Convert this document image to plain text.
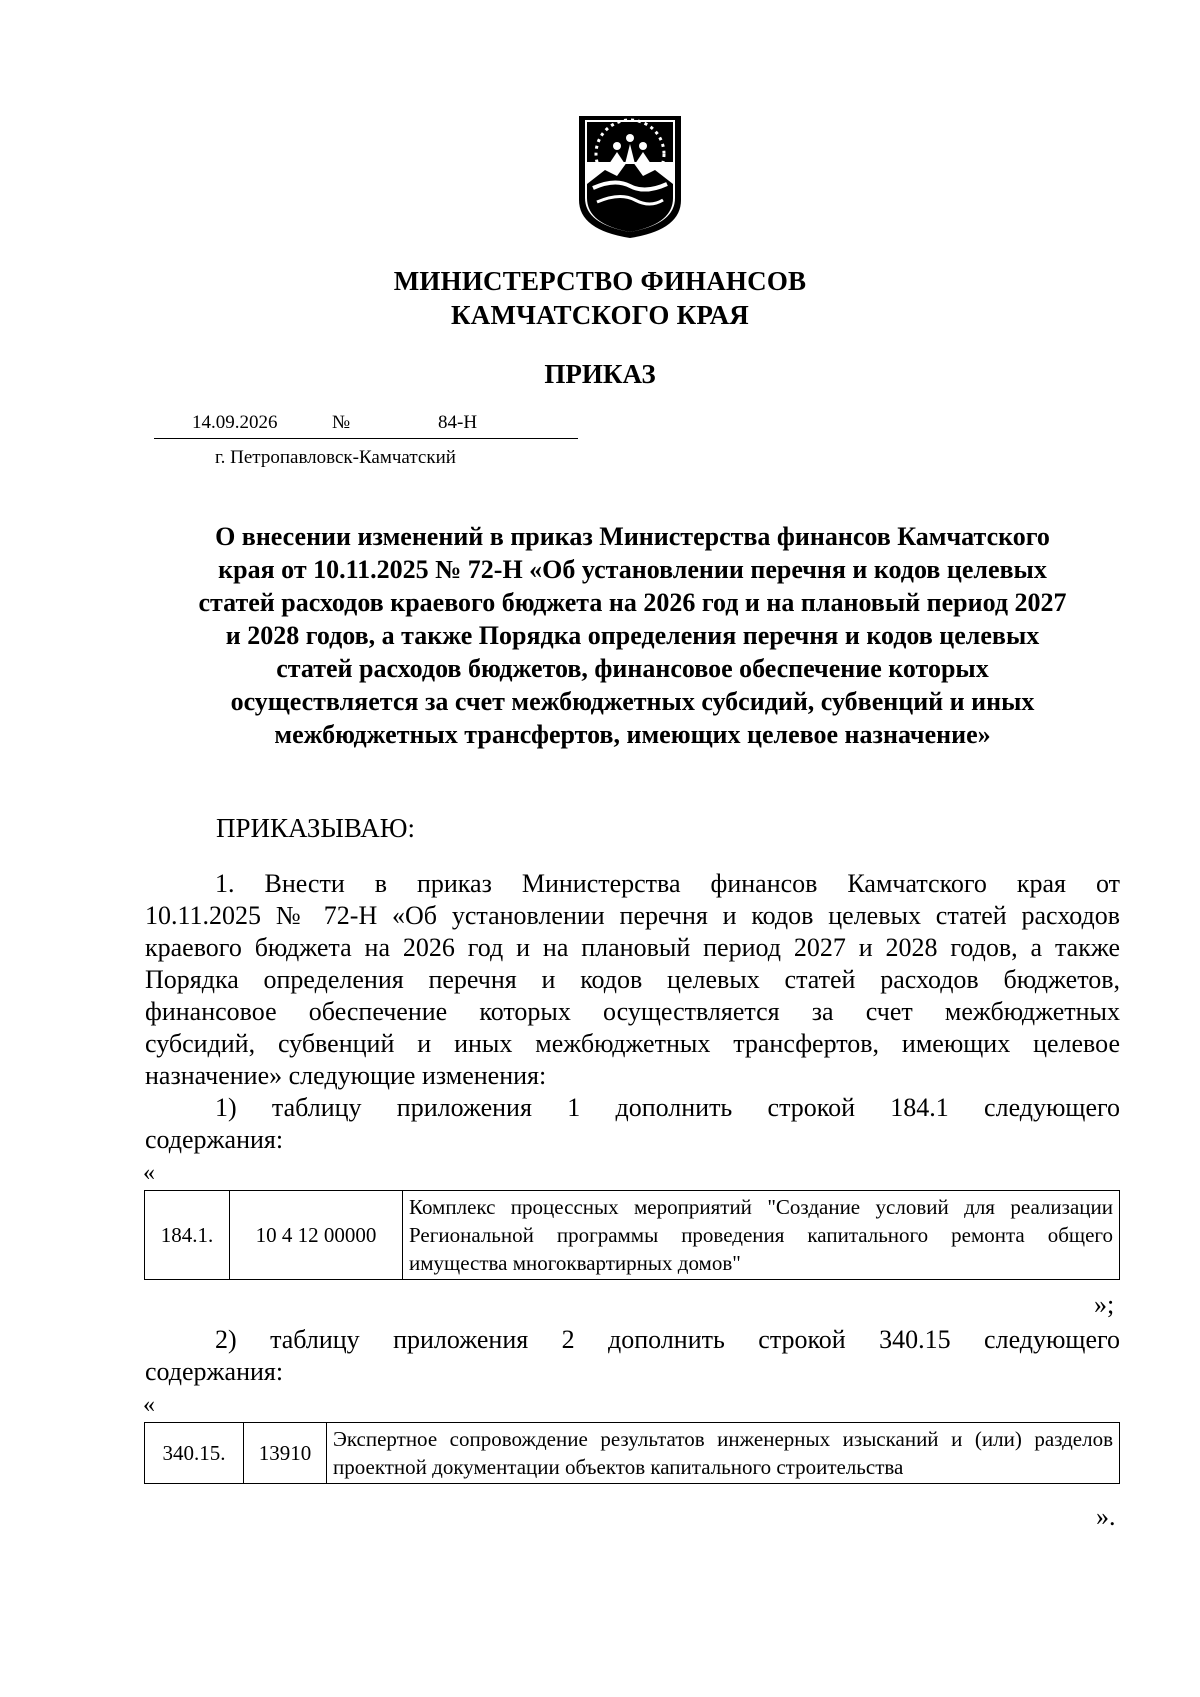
МИНИСТЕРСТВО ФИНАНСОВ
КАМЧАТСКОГО КРАЯ
ПРИКАЗ
14.09.2026	№	84-Н
г. Петропавловск-Камчатский
О внесении изменений в приказ Министерства финансов Камчатского
края от 10.11.2025 № 72-Н «Об установлении перечня и кодов целевых
статей расходов краевого бюджета на 2026 год и на плановый период 2027
и 2028 годов, а также Порядка определения перечня и кодов целевых
статей расходов бюджетов, финансовое обеспечение которых
осуществляется за счет межбюджетных субсидий, субвенций и иных
межбюджетных трансфертов, имеющих целевое назначение»
ПРИКАЗЫВАЮ:
1. Внести в приказ Министерства финансов Камчатского края от
10.11.2025 № 72-Н «Об установлении перечня и кодов целевых статей расходов
краевого бюджета на 2026 год и на плановый период 2027 и 2028 годов, а также
Порядка определения перечня и кодов целевых статей расходов бюджетов,
финансовое обеспечение которых осуществляется за счет межбюджетных
субсидий, субвенций и иных межбюджетных трансфертов, имеющих целевое
назначение» следующие изменения:
1) таблицу приложения 1 дополнить строкой 184.1 следующего
содержания:
«
184.1.	10 4 12 00000	Комплекс процессных мероприятий "Создание условий для реализации Региональной программы проведения капитального ремонта общего имущества многоквартирных домов"
»;
2) таблицу приложения 2 дополнить строкой 340.15 следующего
содержания:
«
340.15.	13910	Экспертное сопровождение результатов инженерных изысканий и (или) разделов проектной документации объектов капитального строительства
».
